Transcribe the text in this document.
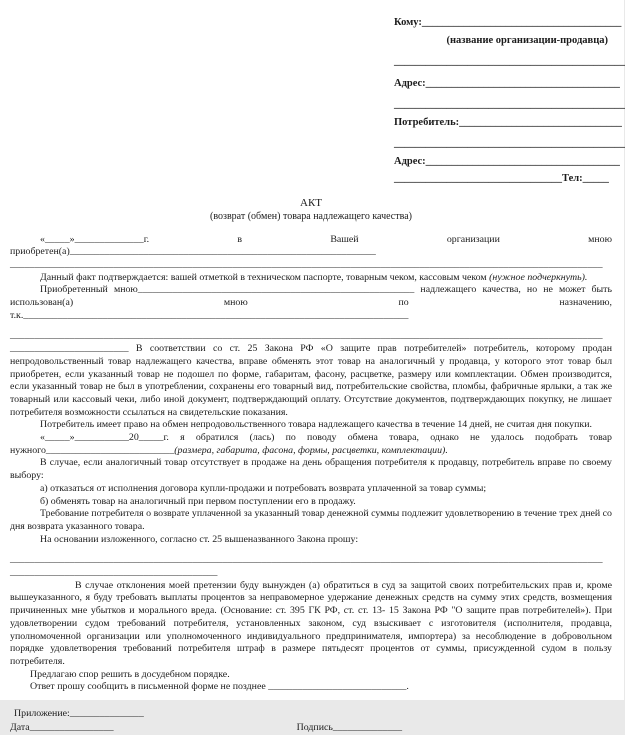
Кому:______________________________________
(название организации-продавца)
____________________________________________
Адрес:_____________________________________
____________________________________________
Потребитель:_______________________________
____________________________________________
Адрес:_____________________________________
________________________________Тел:_____
АКТ
(возврат (обмен) товара надлежащего качества)
«_____»______________г. в Вашей организации мною
приобретен(а)______________________________________________________________
________________________________________________________________________________________________________________________
Данный факт подтверждается: вашей отметкой в техническом паспорте, товарным чеком, кассовым чеком (нужное подчеркнуть).
Приобретенный мною________________________________________________________ надлежащего качества, но не может быть
использован(а) мною по назначению,
т.к.______________________________________________________________________________
________________________________________________________________________________________________________________________
________________________ В соответствии со ст. 25 Закона РФ «О защите прав потребителей» потребитель, которому продан непродовольственный товар надлежащего качества, вправе обменять этот товар на аналогичный у продавца, у которого этот товар был приобретен, если указанный товар не подошел по форме, габаритам, фасону, расцветке, размеру или комплектации. Обмен производится, если указанный товар не был в употреблении, сохранены его товарный вид, потребительские свойства, пломбы, фабричные ярлыки, а так же товарный или кассовый чеки, либо иной документ, подтверждающий оплату. Отсутствие документов, подтверждающих покупку, не лишает потребителя возможности ссылаться на свидетельские показания.
Потребитель имеет право на обмен непродовольственного товара надлежащего качества в течение 14 дней, не считая дня покупки.
«_____»___________20_____г. я обратился (лась) по поводу обмена товара, однако не удалось подобрать товар
нужного__________________________(размера, габарита, фасона, формы, расцветки, комплектации).
В случае, если аналогичный товар отсутствует в продаже на день обращения потребителя к продавцу, потребитель вправе по своему выбору:
а) отказаться от исполнения договора купли-продажи и потребовать возврата уплаченной за товар суммы;
б) обменять товар на аналогичный при первом поступлении его в продажу.
Требование потребителя о возврате уплаченной за указанный товар денежной суммы подлежит удовлетворению в течение трех дней со дня возврата указанного товара.
На основании изложенного, согласно ст. 25 вышеназванного Закона прошу:
________________________________________________________________________________________________________________________
__________________________________________
В случае отклонения моей претензии буду вынужден (а) обратиться в суд за защитой своих потребительских прав и, кроме вышеуказанного, я буду требовать выплаты процентов за неправомерное удержание денежных средств на сумму этих средств, возмещения причиненных мне убытков и морального вреда. (Основание: ст. 395 ГК РФ, ст. ст. 13- 15 Закона РФ "О защите прав потребителей»). При удовлетворении судом требований потребителя, установленных законом, суд взыскивает с изготовителя (исполнителя, продавца, уполномоченной организации или уполномоченного индивидуального предпринимателя, импортера) за несоблюдение в добровольном порядке удовлетворения требований потребителя штраф в размере пятьдесят процентов от суммы, присужденной судом в пользу потребителя.
Предлагаю спор решить в досудебном порядке.
Ответ прошу сообщить в письменной форме не позднее ____________________________.
Приложение:_______________
Дата_________________	Подпись______________
